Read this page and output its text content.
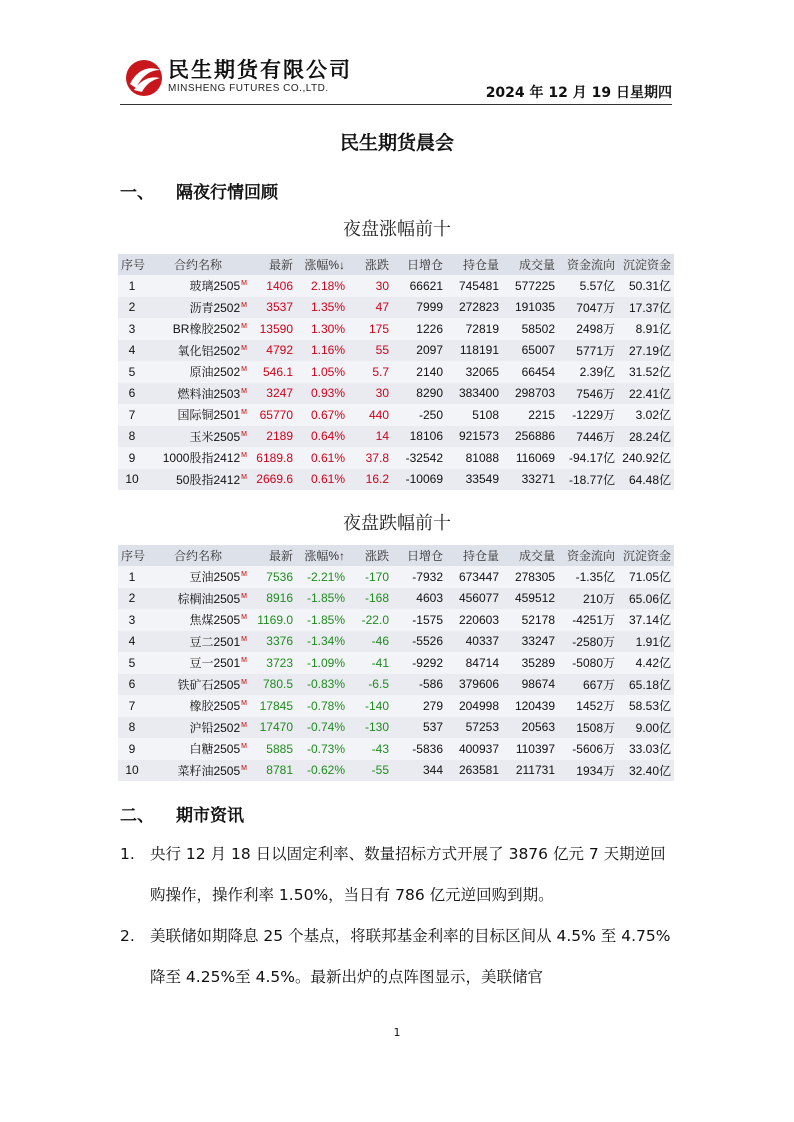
民生期货有限公司
MINSHENG FUTURES CO.,LTD.	2024 年 12 月 19 日星期四
民生期货晨会
一、 隔夜行情回顾
夜盘涨幅前十
序号	合约名称	最新	涨幅%↓	涨跌	日增仓	持仓量	成交量	资金流向	沉淀资金
1	玻璃$2505^M$	1406	2.18%	30	66621	745481	577225	5.57亿	50.31亿
2	沥青$2502^M$	3537	1.35%	47	7999	272823	191035	7047万	17.37亿
3	BR橡胶$2502^M$	13590	1.30%	175	1226	72819	58502	2498万	8.91亿
4	氧化铝$2502^M$	4792	1.16%	55	2097	118191	65007	5771万	27.19亿
5	原油$2502^M$	546.1	1.05%	5.7	2140	32065	66454	2.39亿	31.52亿
6	燃料油$2503^M$	3247	0.93%	30	8290	383400	298703	7546万	22.41亿
7	国际铜$2501^M$	65770	0.67%	440	-250	5108	2215	-1229万	3.02亿
8	玉米$2505^M$	2189	0.64%	14	18106	921573	256886	7446万	28.24亿
9	1000股指$2412^M$	6189.8	0.61%	37.8	-32542	81088	116069	-94.17亿	240.92亿
10	50股指$2412^M$	2669.6	0.61%	16.2	-10069	33549	33271	-18.77亿	64.48亿
夜盘跌幅前十
序号	合约名称	最新	涨幅%↑	涨跌	日增仓	持仓量	成交量	资金流向	沉淀资金
1	豆油$2505^M$	7536	-2.21%	-170	-7932	673447	278305	-1.35亿	71.05亿
2	棕榈油$2505^M$	8916	-1.85%	-168	4603	456077	459512	210万	65.06亿
3	焦煤$2505^M$	1169.0	-1.85%	-22.0	-1575	220603	52178	-4251万	37.14亿
4	豆二$2501^M$	3376	-1.34%	-46	-5526	40337	33247	-2580万	1.91亿
5	豆一$2501^M$	3723	-1.09%	-41	-9292	84714	35289	-5080万	4.42亿
6	铁矿石$2505^M$	780.5	-0.83%	-6.5	-586	379606	98674	667万	65.18亿
7	橡胶$2505^M$	17845	-0.78%	-140	279	204998	120439	1452万	58.53亿
8	沪铅$2502^M$	17470	-0.74%	-130	537	57253	20563	1508万	9.00亿
9	白糖$2505^M$	5885	-0.73%	-43	-5836	400937	110397	-5606万	33.03亿
10	菜籽油$2505^M$	8781	-0.62%	-55	344	263581	211731	1934万	32.40亿
二、 期市资讯
1. 央行 12 月 18 日以固定利率、数量招标方式开展了 3876 亿元 7 天期逆回购操作，操作利率 1.50%，当日有 786 亿元逆回购到期。
2. 美联储如期降息 25 个基点，将联邦基金利率的目标区间从 4.5% 至 4.75%降至 4.25%至 4.5%。最新出炉的点阵图显示，美联储官
1
